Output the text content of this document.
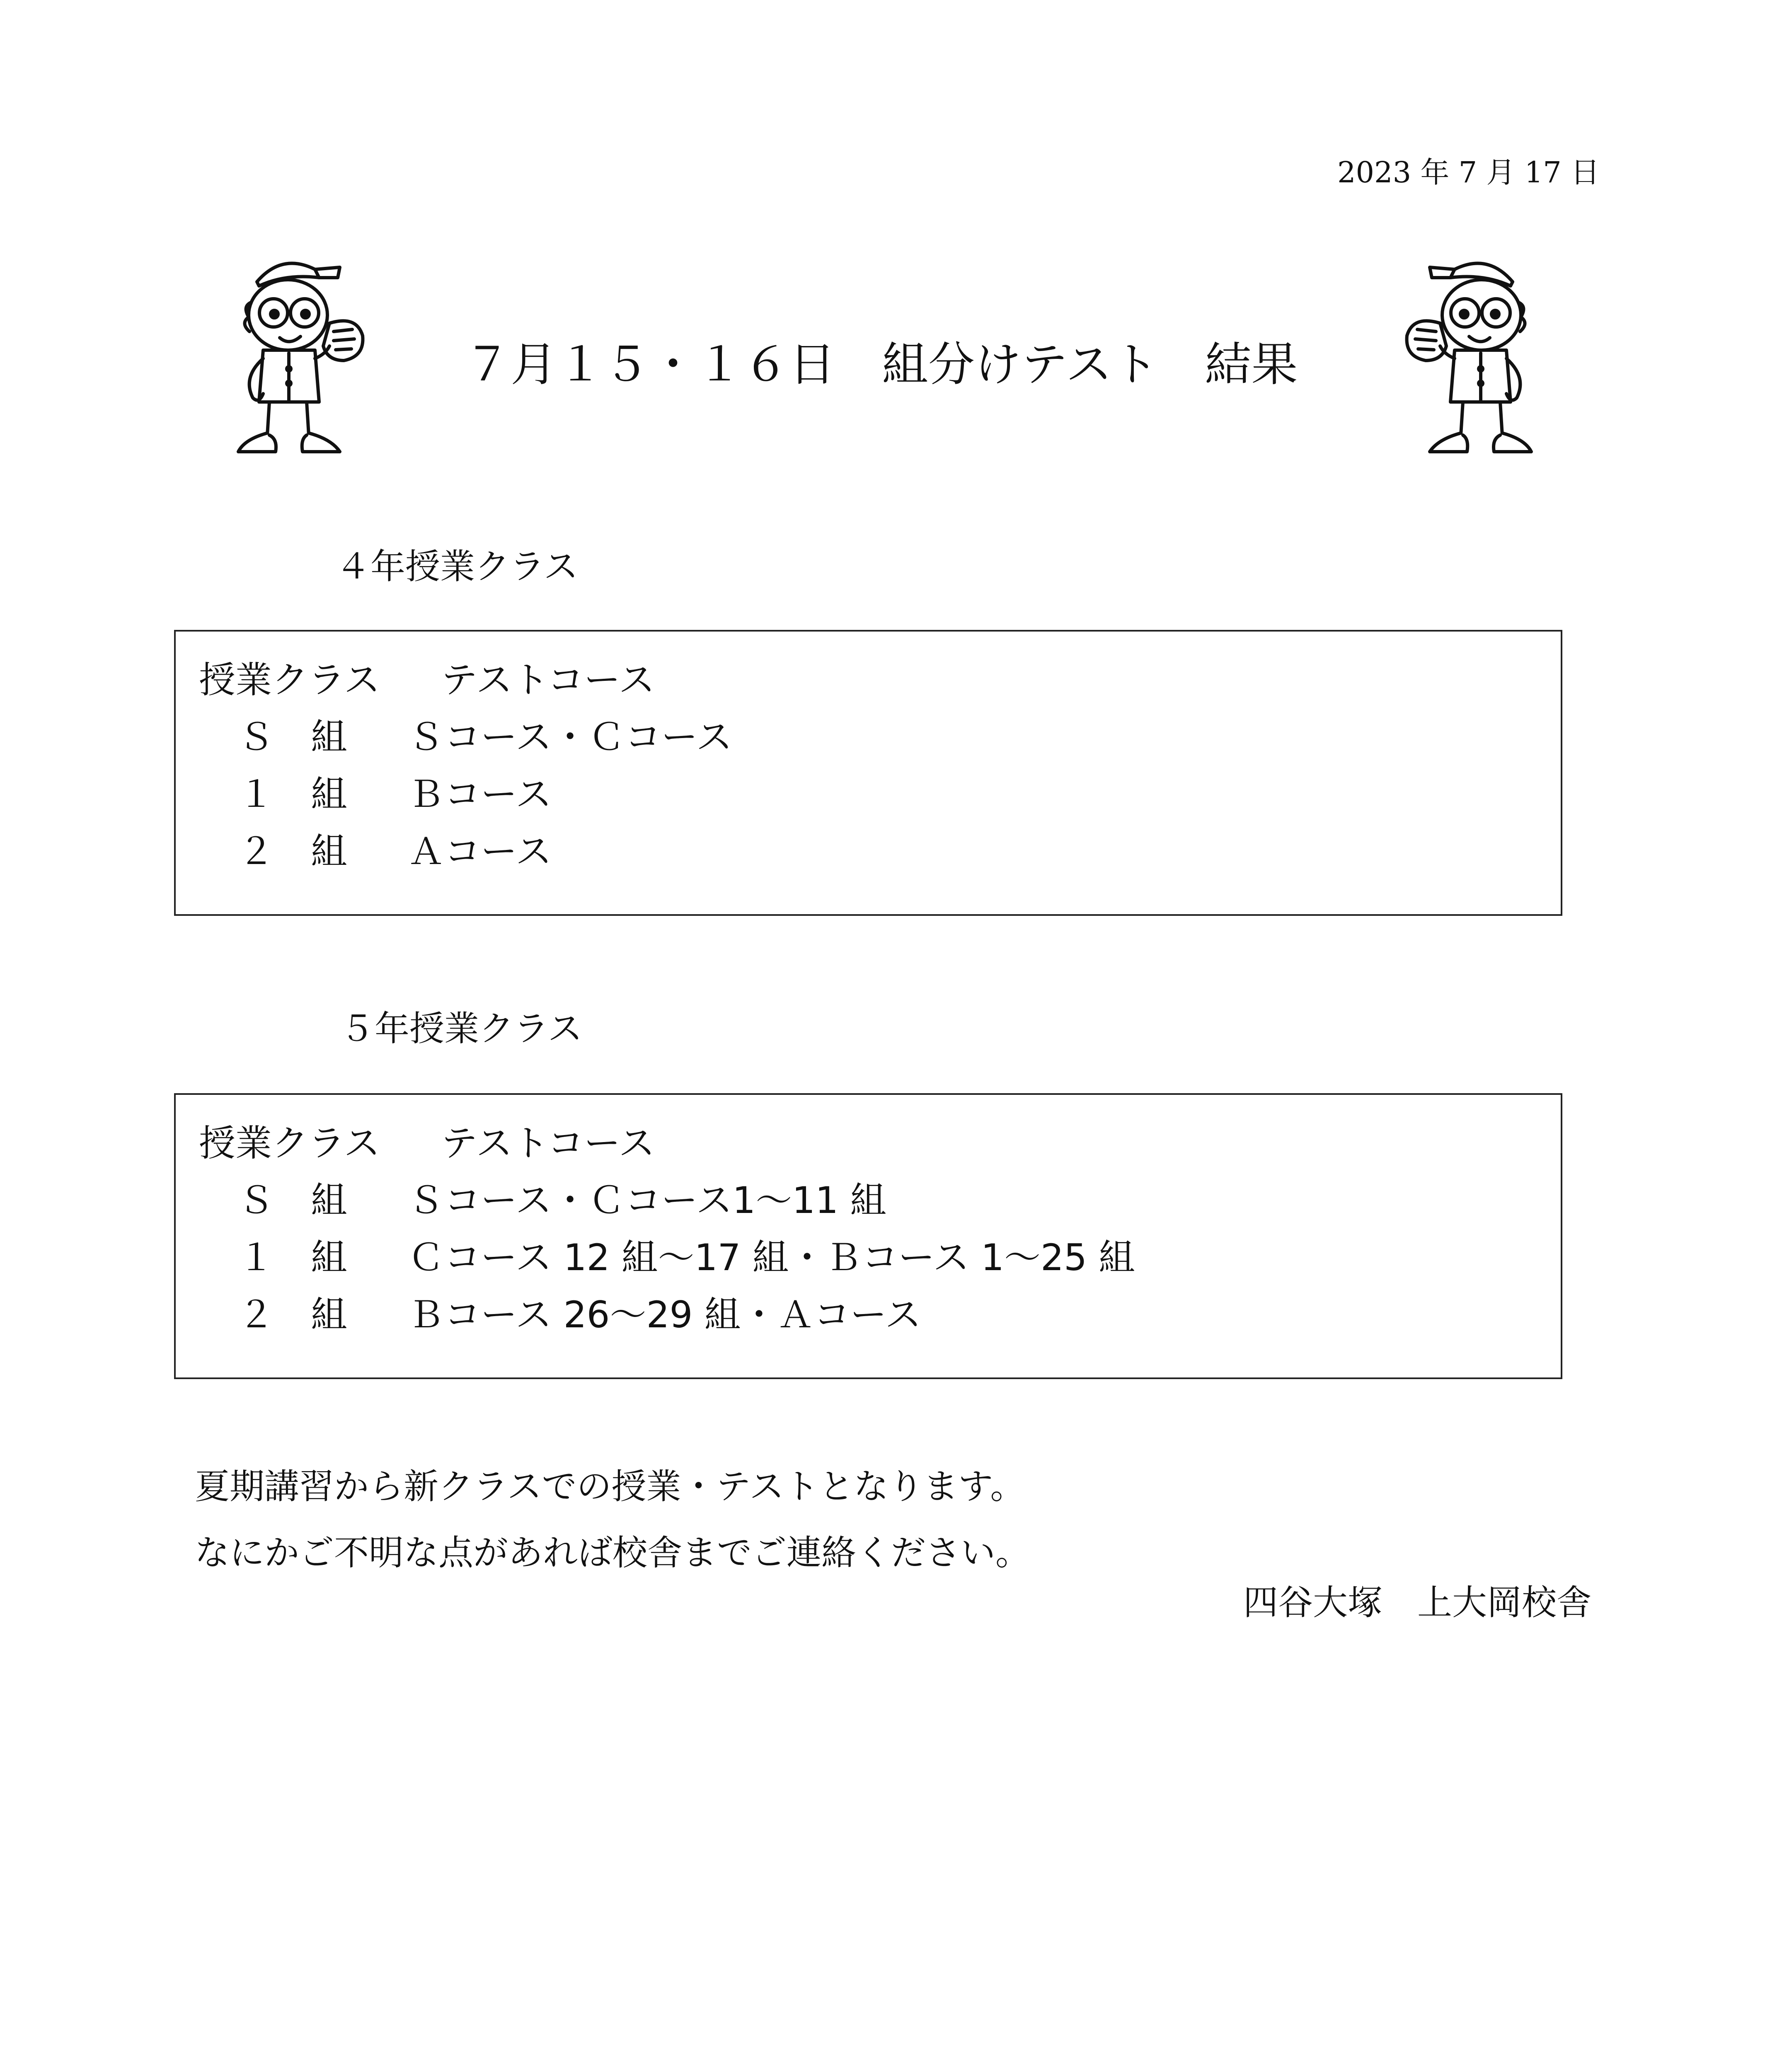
2023 年 7 月 17 日
７月１５・１６日　組分けテスト　結果
４年授業クラス
授業クラス テストコース
Ｓ　組	Ｓコース・Ｃコース
１　組	Ｂコース
２　組	Ａコース
５年授業クラス
授業クラス テストコース
Ｓ　組	Ｓコース・Ｃコース1～11 組
１　組	Ｃコース 12 組～17 組・Ｂコース 1～25 組
２　組	Ｂコース 26～29 組・Ａコース
夏期講習から新クラスでの授業・テストとなります。
なにかご不明な点があれば校舎までご連絡ください。
四谷大塚　上大岡校舎
